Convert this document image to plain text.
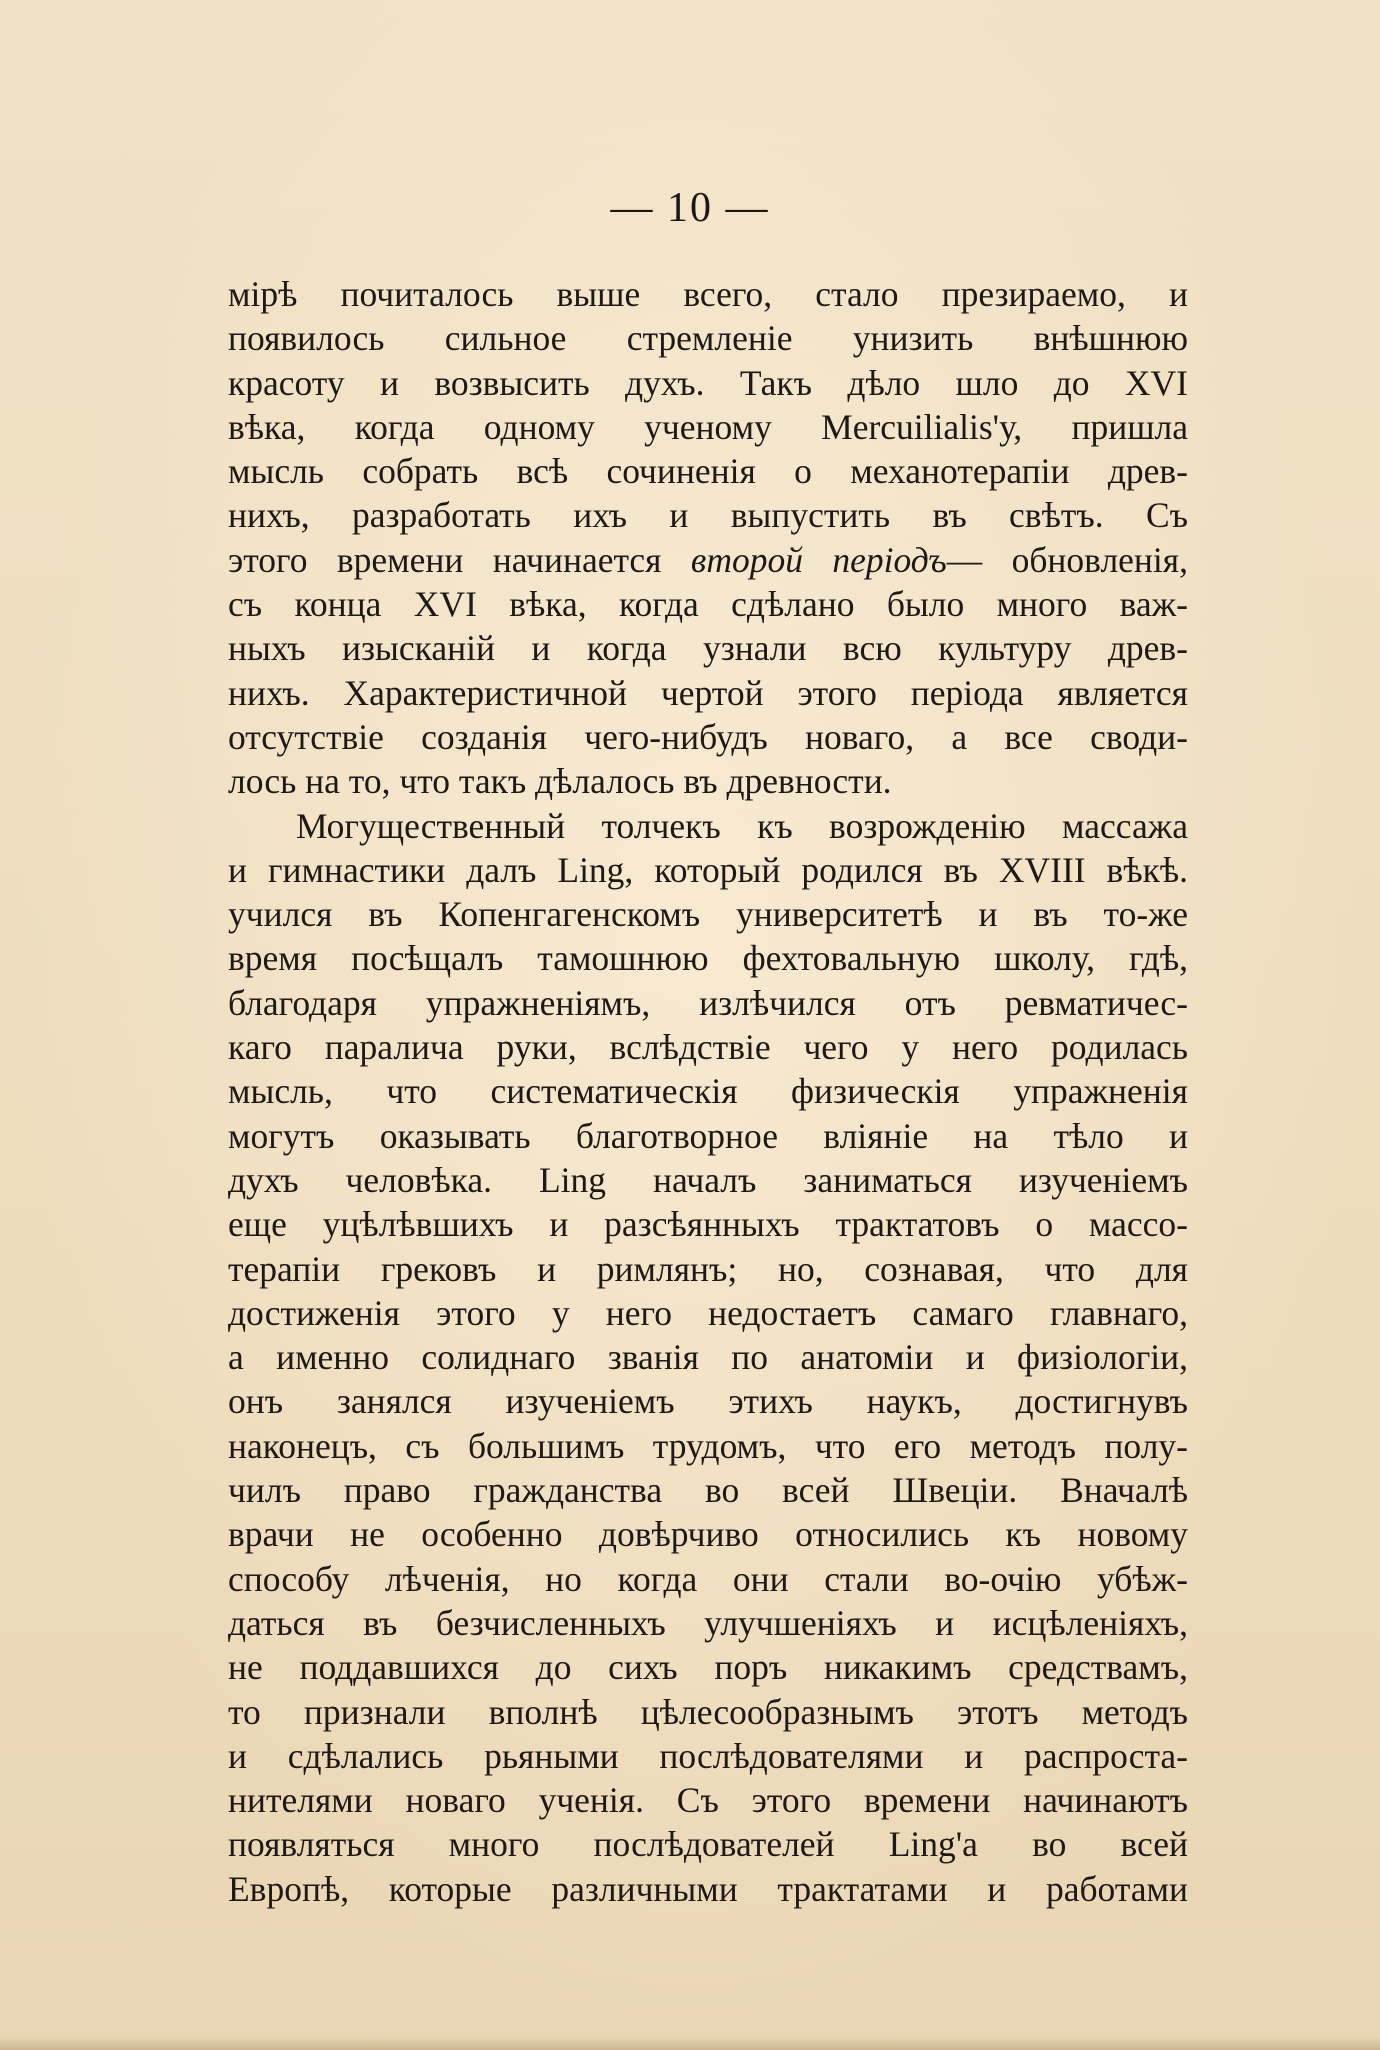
— 10 —
мірѣ почиталось выше всего, стало презираемо, и
появилось сильное стремленіе унизить внѣшнюю
красоту и возвысить духъ. Такъ дѣло шло до XVI
вѣка, когда одному ученому Mercuilialis'у, пришла
мысль собрать всѣ сочиненія о механотерапіи древ-
нихъ, разработать ихъ и выпустить въ свѣтъ. Съ
этого времени начинается второй періодъ— обновленія,
съ конца XVI вѣка, когда сдѣлано было много важ-
ныхъ изысканій и когда узнали всю культуру древ-
нихъ. Характеристичной чертой этого періода является
отсутствіе созданія чего-нибудъ новаго, а все своди-
лось на то, что такъ дѣлалось въ древности.
Могущественный толчекъ къ возрожденію массажа
и гимнастики далъ Ling, который родился въ XVIII вѣкѣ.
учился въ Копенгагенскомъ университетѣ и въ то-же
время посѣщалъ тамошнюю фехтовальную школу, гдѣ,
благодаря упражненіямъ, излѣчился отъ ревматичес-
каго паралича руки, вслѣдствіе чего у него родилась
мысль, что систематическія физическія упражненія
могутъ оказывать благотворное вліяніе на тѣло и
духъ человѣка. Ling началъ заниматься изученіемъ
еще уцѣлѣвшихъ и разсѣянныхъ трактатовъ о массо-
терапіи грековъ и римлянъ; но, сознавая, что для
достиженія этого у него недостаетъ самаго главнаго,
а именно солиднаго званія по анатоміи и физіологіи,
онъ занялся изученіемъ этихъ наукъ, достигнувъ
наконецъ, съ большимъ трудомъ, что его методъ полу-
чилъ право гражданства во всей Швеціи. Вначалѣ
врачи не особенно довѣрчиво относились къ новому
способу лѣченія, но когда они стали во-очію убѣж-
даться въ безчисленныхъ улучшеніяхъ и исцѣленіяхъ,
не поддавшихся до сихъ поръ никакимъ средствамъ,
то признали вполнѣ цѣлесообразнымъ этотъ методъ
и сдѣлались рьяными послѣдователями и распроста-
нителями новаго ученія. Съ этого времени начинаютъ
появляться много послѣдователей Ling'a во всей
Европѣ, которые различными трактатами и работами
